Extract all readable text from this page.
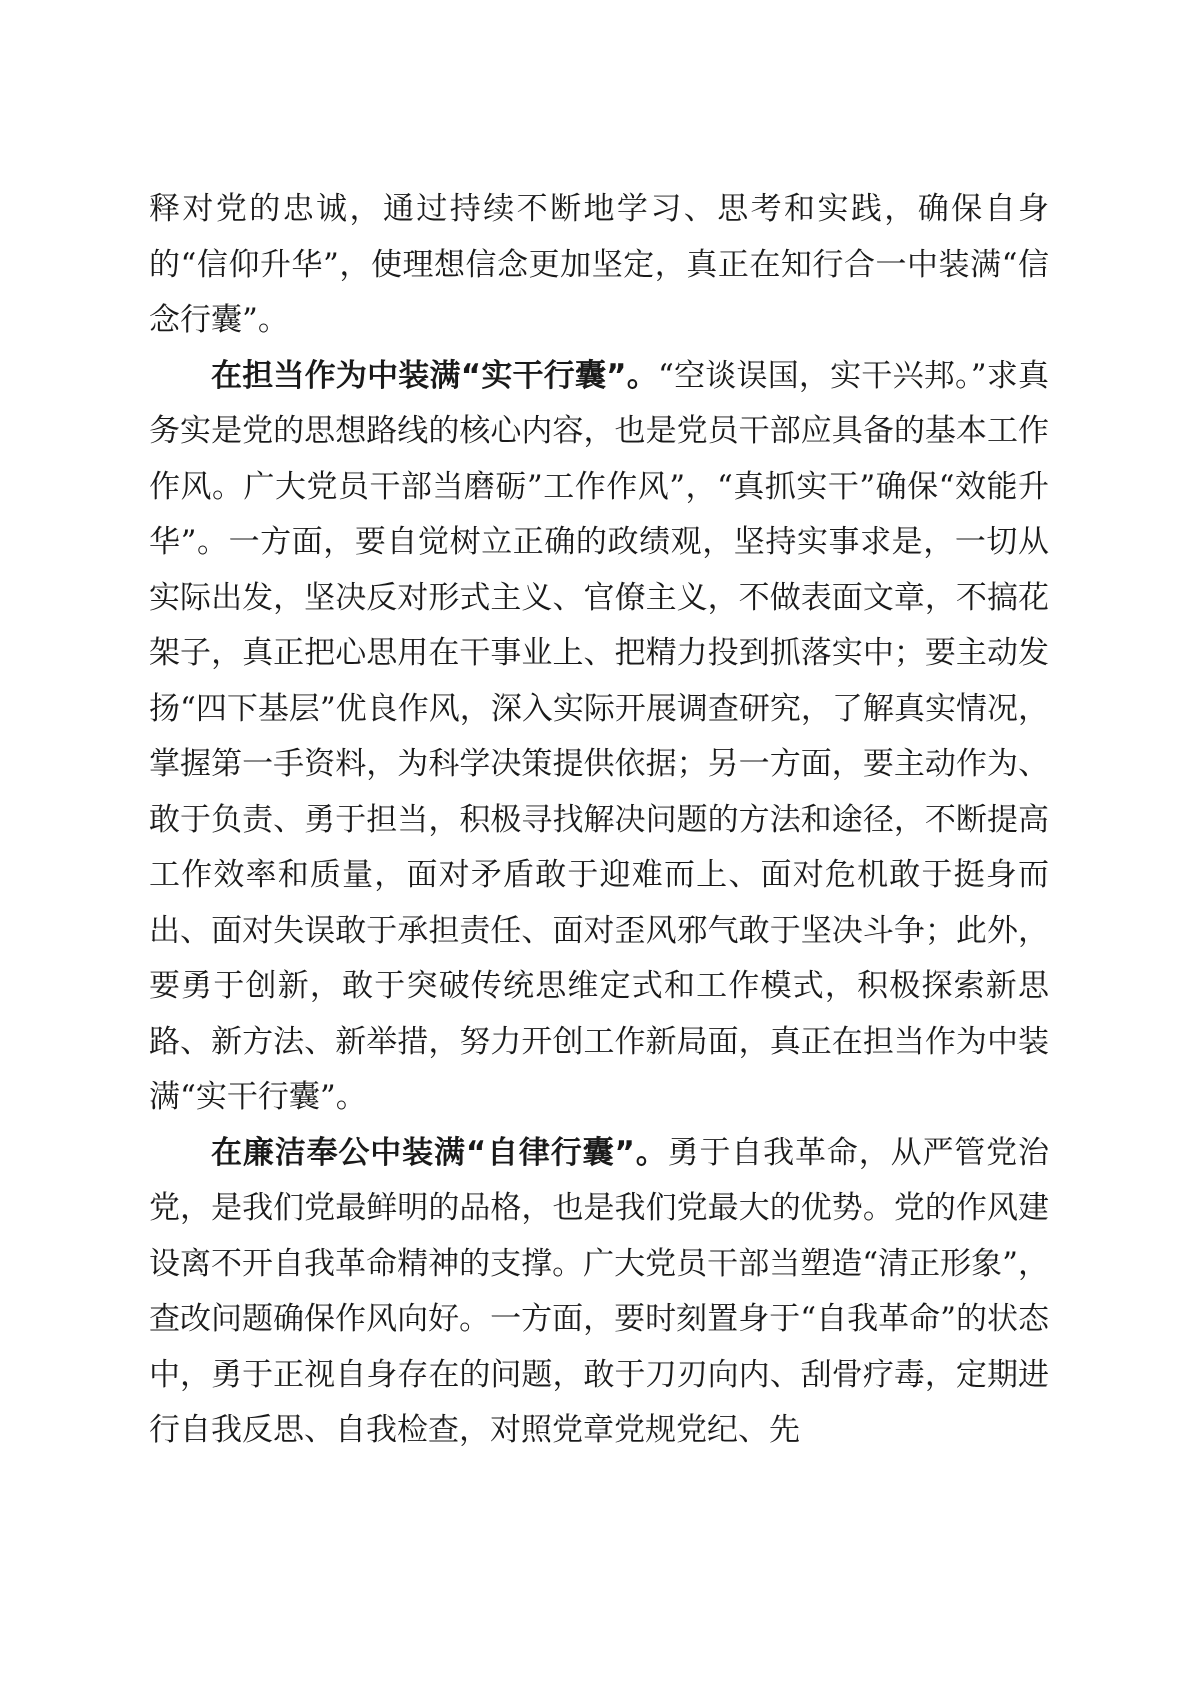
释对党的忠诚，通过持续不断地学习、思考和实践，确保自身的“信仰升华”，使理想信念更加坚定，真正在知行合一中装满“信念行囊”。

在担当作为中装满“实干行囊”。“空谈误国，实干兴邦。”求真务实是党的思想路线的核心内容，也是党员干部应具备的基本工作作风。广大党员干部当磨砺”工作作风”，“真抓实干”确保“效能升华”。一方面，要自觉树立正确的政绩观，坚持实事求是，一切从实际出发，坚决反对形式主义、官僚主义，不做表面文章，不搞花架子，真正把心思用在干事业上、把精力投到抓落实中；要主动发扬“四下基层”优良作风，深入实际开展调查研究，了解真实情况，掌握第一手资料，为科学决策提供依据；另一方面，要主动作为、敢于负责、勇于担当，积极寻找解决问题的方法和途径，不断提高工作效率和质量，面对矛盾敢于迎难而上、面对危机敢于挺身而出、面对失误敢于承担责任、面对歪风邪气敢于坚决斗争；此外，要勇于创新，敢于突破传统思维定式和工作模式，积极探索新思路、新方法、新举措，努力开创工作新局面，真正在担当作为中装满“实干行囊”。

在廉洁奉公中装满“自律行囊”。勇于自我革命，从严管党治党，是我们党最鲜明的品格，也是我们党最大的优势。党的作风建设离不开自我革命精神的支撑。广大党员干部当塑造“清正形象”，查改问题确保作风向好。一方面，要时刻置身于“自我革命”的状态中，勇于正视自身存在的问题，敢于刀刃向内、刮骨疗毒，定期进行自我反思、自我检查，对照党章党规党纪、先
